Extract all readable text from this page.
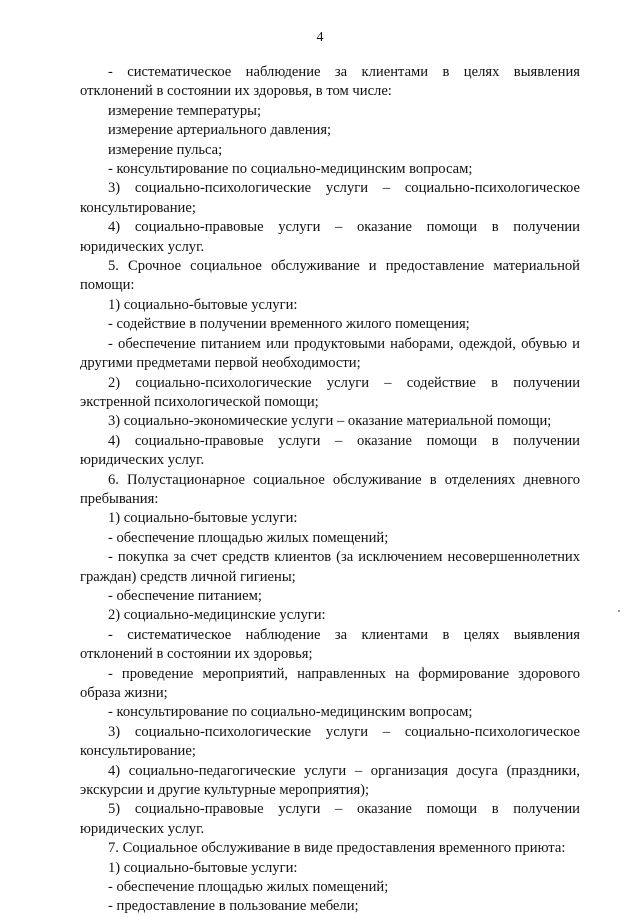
4

- систематическое наблюдение за клиентами в целях выявления отклонений в состоянии их здоровья, в том числе:

измерение температуры;

измерение артериального давления;

измерение пульса;

- консультирование по социально-медицинским вопросам;

3) социально-психологические услуги – социально-психологическое консультирование;

4) социально-правовые услуги – оказание помощи в получении юридических услуг.

5. Срочное социальное обслуживание и предоставление материальной помощи:

1) социально-бытовые услуги:

- содействие в получении временного жилого помещения;

- обеспечение питанием или продуктовыми наборами, одеждой, обувью и другими предметами первой необходимости;

2) социально-психологические услуги – содействие в получении экстренной психологической помощи;

3) социально-экономические услуги – оказание материальной помощи;

4) социально-правовые услуги – оказание помощи в получении юридических услуг.

6. Полустационарное социальное обслуживание в отделениях дневного пребывания:

1) социально-бытовые услуги:

- обеспечение площадью жилых помещений;

- покупка за счет средств клиентов (за исключением несовершеннолетних граждан) средств личной гигиены;

- обеспечение питанием;

2) социально-медицинские услуги:

- систематическое наблюдение за клиентами в целях выявления отклонений в состоянии их здоровья;

- проведение мероприятий, направленных на формирование здорового образа жизни;

- консультирование по социально-медицинским вопросам;

3) социально-психологические услуги – социально-психологическое консультирование;

4) социально-педагогические услуги – организация досуга (праздники, экскурсии и другие культурные мероприятия);

5) социально-правовые услуги – оказание помощи в получении юридических услуг.

7. Социальное обслуживание в виде предоставления временного приюта:

1) социально-бытовые услуги:

- обеспечение площадью жилых помещений;

- предоставление в пользование мебели;
